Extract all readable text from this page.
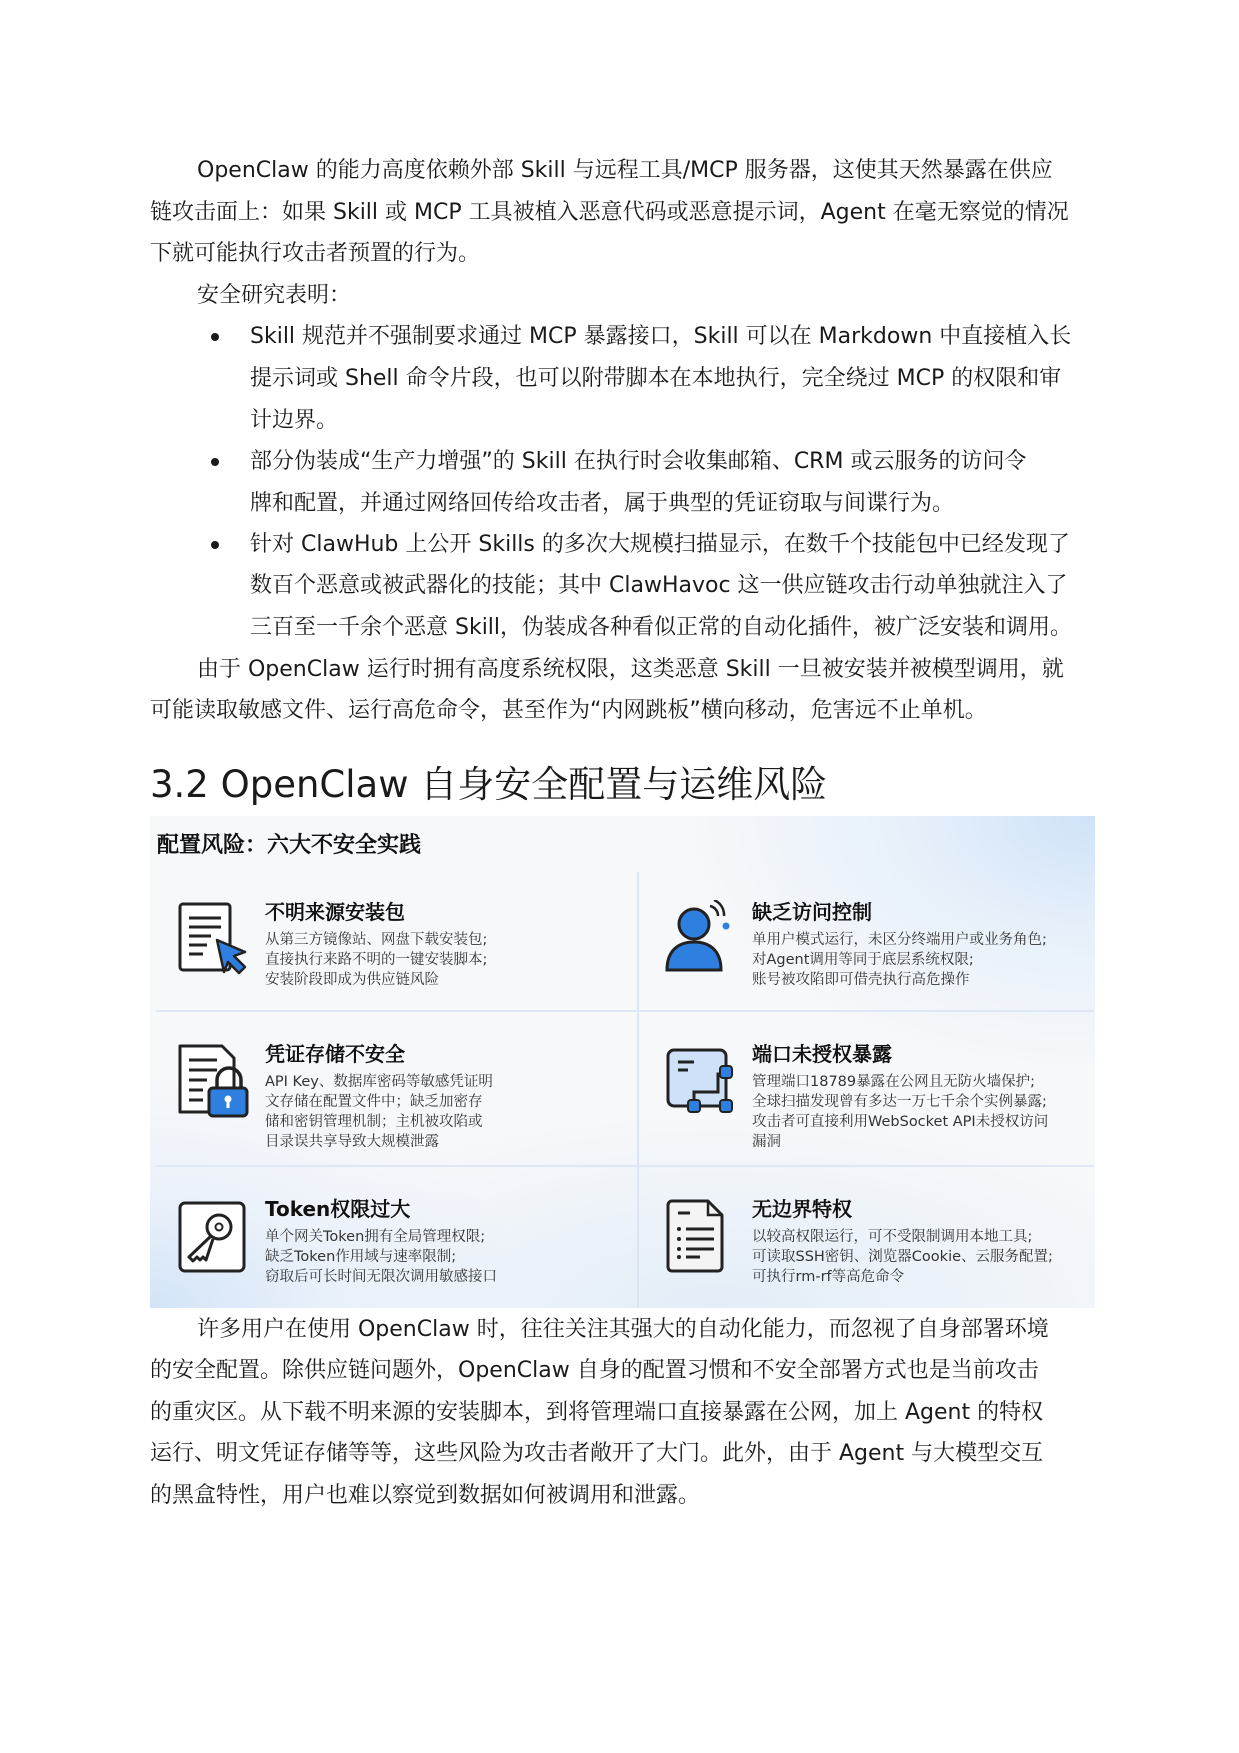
OpenClaw 的能力高度依赖外部 Skill 与远程工具/MCP 服务器，这使其天然暴露在供应
链攻击面上：如果 Skill 或 MCP 工具被植入恶意代码或恶意提示词，Agent 在毫无察觉的情况
下就可能执行攻击者预置的行为。
安全研究表明：
Skill 规范并不强制要求通过 MCP 暴露接口，Skill 可以在 Markdown 中直接植入长
提示词或 Shell 命令片段，也可以附带脚本在本地执行，完全绕过 MCP 的权限和审
计边界。
部分伪装成“生产力增强”的 Skill 在执行时会收集邮箱、CRM 或云服务的访问令
牌和配置，并通过网络回传给攻击者，属于典型的凭证窃取与间谍行为。
针对 ClawHub 上公开 Skills 的多次大规模扫描显示，在数千个技能包中已经发现了
数百个恶意或被武器化的技能；其中 ClawHavoc 这一供应链攻击行动单独就注入了
三百至一千余个恶意 Skill，伪装成各种看似正常的自动化插件，被广泛安装和调用。
由于 OpenClaw 运行时拥有高度系统权限，这类恶意 Skill 一旦被安装并被模型调用，就
可能读取敏感文件、运行高危命令，甚至作为“内网跳板”横向移动，危害远不止单机。
3.2 OpenClaw 自身安全配置与运维风险
配置风险：六大不安全实践
不明来源安装包
从第三方镜像站、网盘下载安装包;
直接执行来路不明的一键安装脚本;
安装阶段即成为供应链风险
缺乏访问控制
单用户模式运行，未区分终端用户或业务角色;
对Agent调用等同于底层系统权限;
账号被攻陷即可借壳执行高危操作
凭证存储不安全
API Key、数据库密码等敏感凭证明
文存储在配置文件中；缺乏加密存
储和密钥管理机制；主机被攻陷或
目录误共享导致大规模泄露
端口未授权暴露
管理端口18789暴露在公网且无防火墙保护;
全球扫描发现曾有多达一万七千余个实例暴露;
攻击者可直接利用WebSocket API未授权访问
漏洞
Token权限过大
单个网关Token拥有全局管理权限;
缺乏Token作用域与速率限制;
窃取后可长时间无限次调用敏感接口
无边界特权
以较高权限运行，可不受限制调用本地工具;
可读取SSH密钥、浏览器Cookie、云服务配置;
可执行rm-rf等高危命令
许多用户在使用 OpenClaw 时，往往关注其强大的自动化能力，而忽视了自身部署环境
的安全配置。除供应链问题外，OpenClaw 自身的配置习惯和不安全部署方式也是当前攻击
的重灾区。从下载不明来源的安装脚本，到将管理端口直接暴露在公网，加上 Agent 的特权
运行、明文凭证存储等等，这些风险为攻击者敞开了大门。此外，由于 Agent 与大模型交互
的黑盒特性，用户也难以察觉到数据如何被调用和泄露。
